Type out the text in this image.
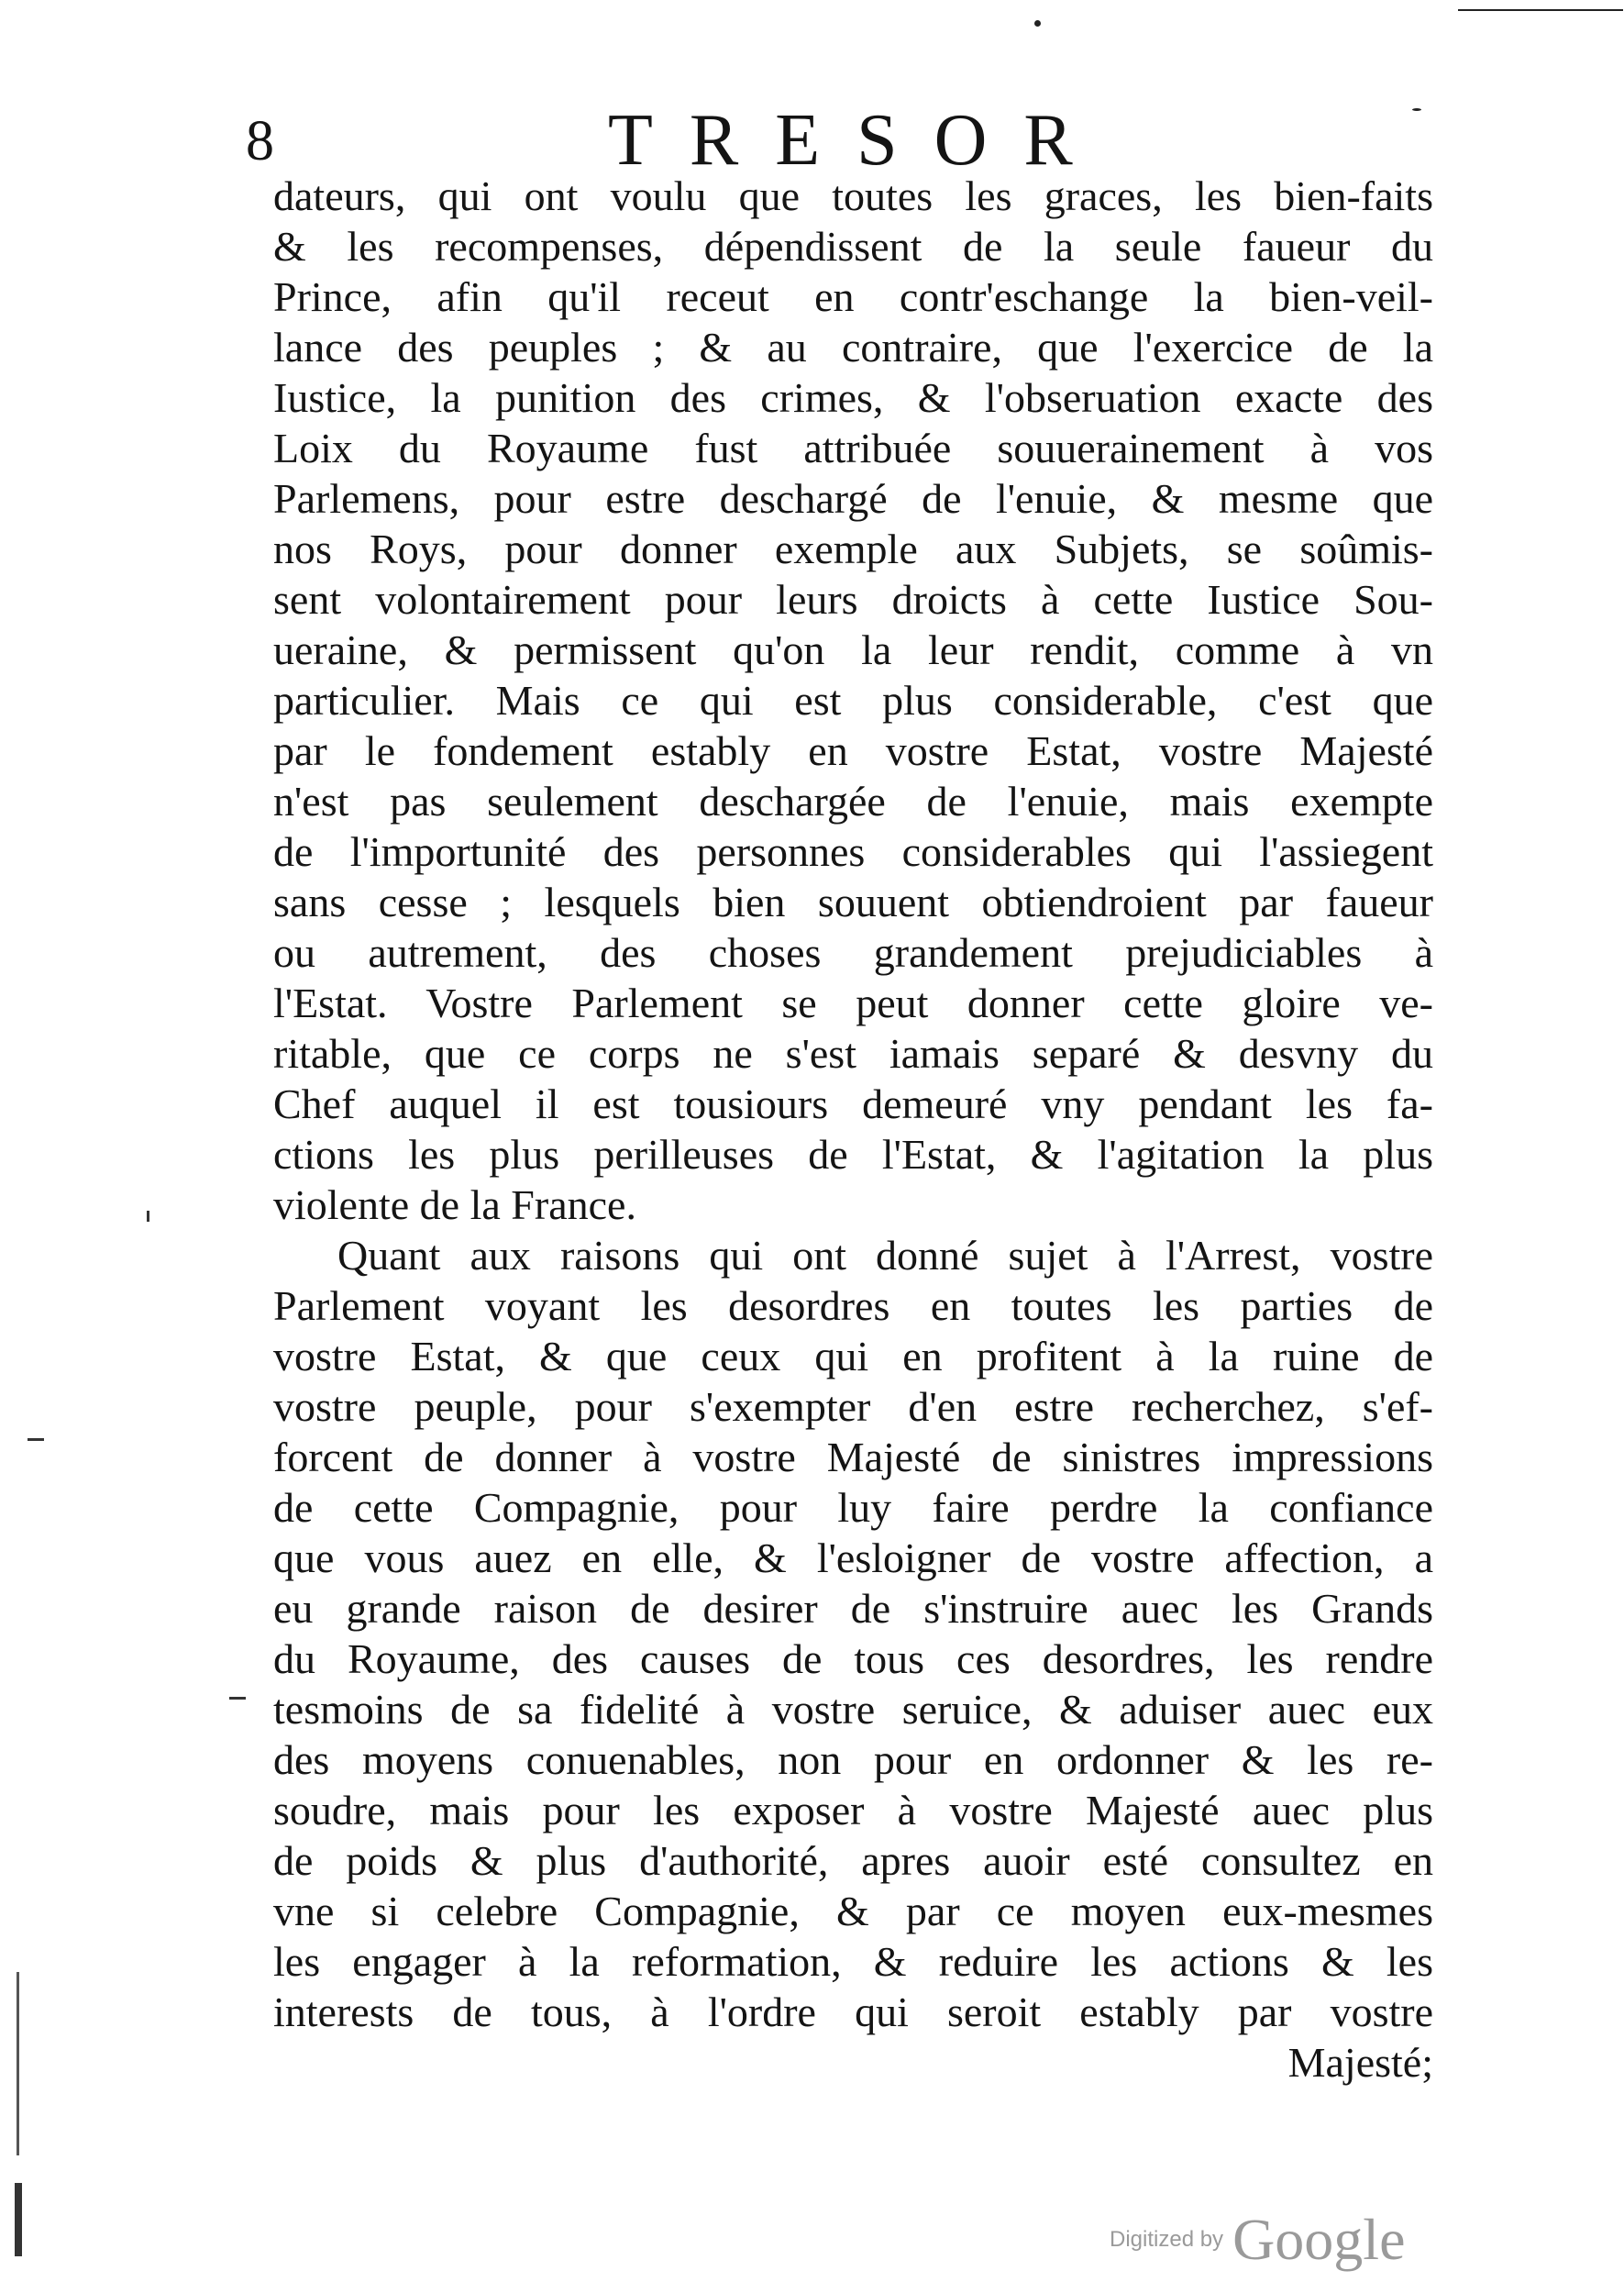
8	TRESOR
dateurs, qui ont voulu que toutes les graces, les bien-faits
& les recompenses, dépendissent de la seule faueur du
Prince, afin qu'il receut en contr'eschange la bien-veil-
lance des peuples ; & au contraire, que l'exercice de la
Iustice, la punition des crimes, & l'obseruation exacte des
Loix du Royaume fust attribuée souuerainement à vos
Parlemens, pour estre deschargé de l'enuie, & mesme que
nos Roys, pour donner exemple aux Subjets, se soûmis-
sent volontairement pour leurs droicts à cette Iustice Sou-
ueraine, & permissent qu'on la leur rendit, comme à vn
particulier. Mais ce qui est plus considerable, c'est que
par le fondement estably en vostre Estat, vostre Majesté
n'est pas seulement deschargée de l'enuie, mais exempte
de l'importunité des personnes considerables qui l'assiegent
sans cesse ; lesquels bien souuent obtiendroient par faueur
ou autrement, des choses grandement prejudiciables à
l'Estat. Vostre Parlement se peut donner cette gloire ve-
ritable, que ce corps ne s'est iamais separé & desvny du
Chef auquel il est tousiours demeuré vny pendant les fa-
ctions les plus perilleuses de l'Estat, & l'agitation la plus
violente de la France.
Quant aux raisons qui ont donné sujet à l'Arrest, vostre
Parlement voyant les desordres en toutes les parties de
vostre Estat, & que ceux qui en profitent à la ruine de
vostre peuple, pour s'exempter d'en estre recherchez, s'ef-
forcent de donner à vostre Majesté de sinistres impressions
de cette Compagnie, pour luy faire perdre la confiance
que vous auez en elle, & l'esloigner de vostre affection, a
eu grande raison de desirer de s'instruire auec les Grands
du Royaume, des causes de tous ces desordres, les rendre
tesmoins de sa fidelité à vostre seruice, & aduiser auec eux
des moyens conuenables, non pour en ordonner & les re-
soudre, mais pour les exposer à vostre Majesté auec plus
de poids & plus d'authorité, apres auoir esté consultez en
vne si celebre Compagnie, & par ce moyen eux-mesmes
les engager à la reformation, & reduire les actions & les
interests de tous, à l'ordre qui seroit estably par vostre
Majesté;
Digitized by Google
